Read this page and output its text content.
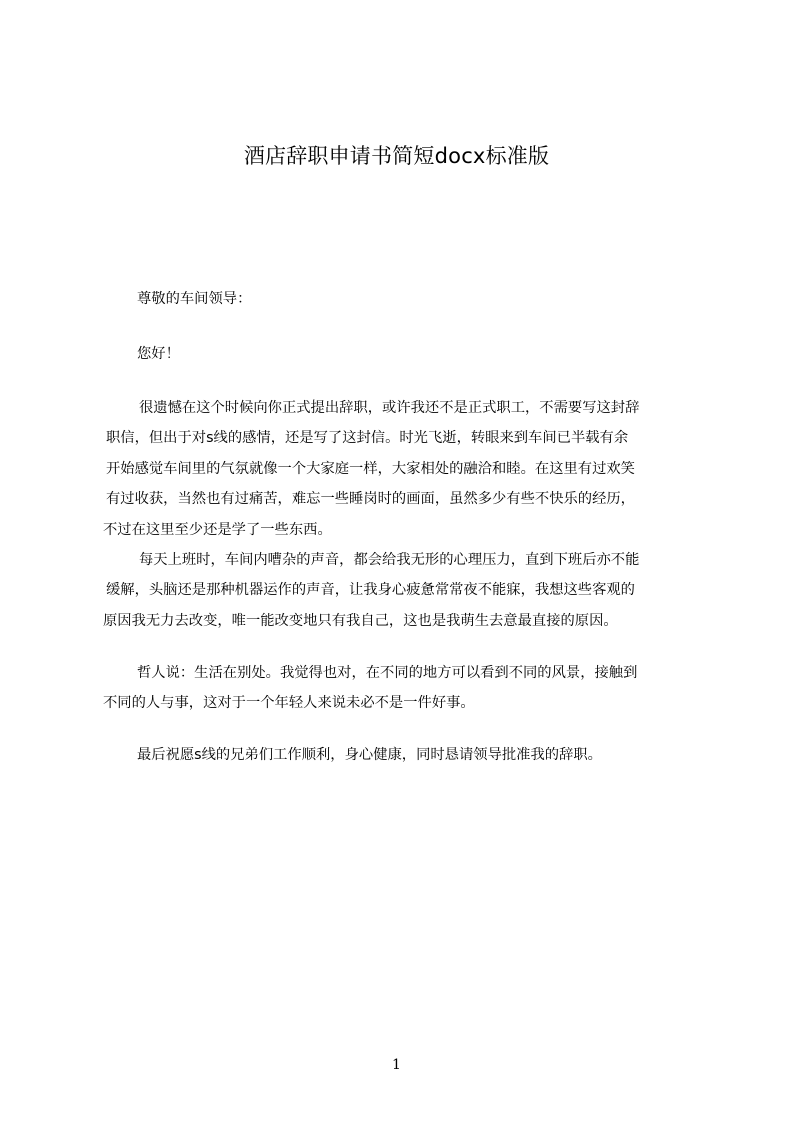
酒店辞职申请书简短docx标准版

尊敬的车间领导：

您好！

很遗憾在这个时候向你正式提出辞职，或许我还不是正式职工，不需要写这封辞
职信，但出于对s线的感情，还是写了这封信。时光飞逝，转眼来到车间已半载有余
开始感觉车间里的气氛就像一个大家庭一样，大家相处的融洽和睦。在这里有过欢笑
有过收获，当然也有过痛苦，难忘一些睡岗时的画面，虽然多少有些不快乐的经历，
不过在这里至少还是学了一些东西。
每天上班时，车间内嘈杂的声音，都会给我无形的心理压力，直到下班后亦不能
缓解，头脑还是那种机器运作的声音，让我身心疲惫常常夜不能寐，我想这些客观的
原因我无力去改变，唯一能改变地只有我自己，这也是我萌生去意最直接的原因。
哲人说：生活在别处。我觉得也对，在不同的地方可以看到不同的风景，接触到
不同的人与事，这对于一个年轻人来说未必不是一件好事。
最后祝愿s线的兄弟们工作顺利，身心健康，同时恳请领导批准我的辞职。
1
